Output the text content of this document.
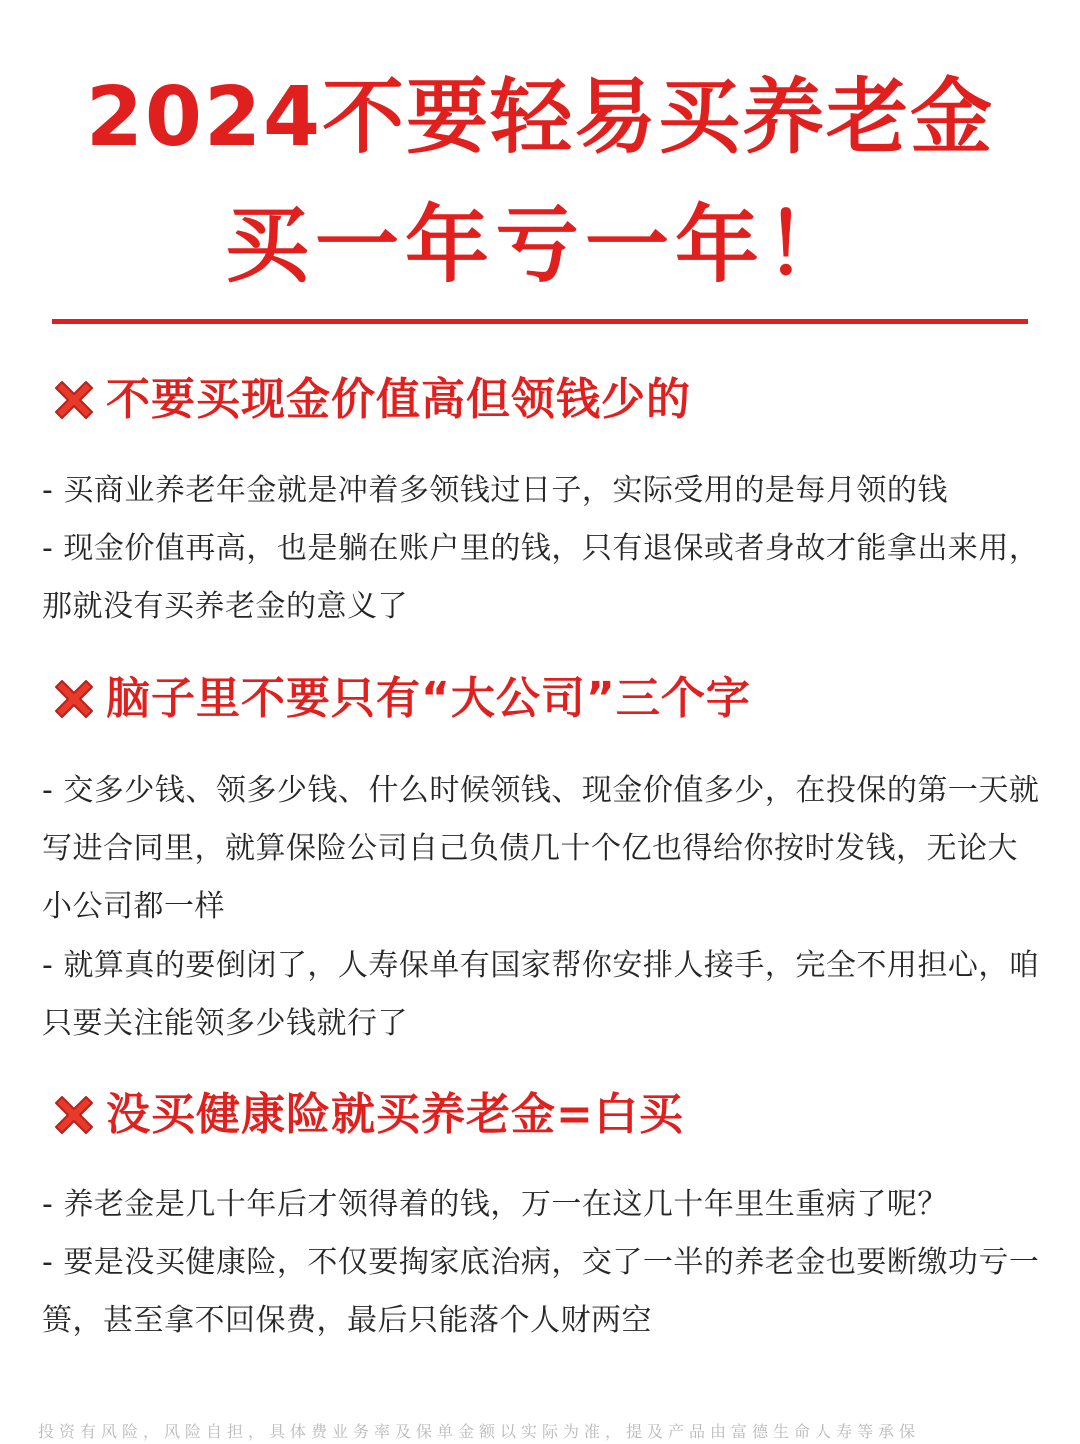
2024不要轻易买养老金
买一年亏一年！
不要买现金价值高但领钱少的

- 买商业养老年金就是冲着多领钱过日子，实际受用的是每月领的钱

- 现金价值再高，也是躺在账户里的钱，只有退保或者身故才能拿出来用，那就没有买养老金的意义了

脑子里不要只有“大公司”三个字

- 交多少钱、领多少钱、什么时候领钱、现金价值多少，在投保的第一天就写进合同里，就算保险公司自己负债几十个亿也得给你按时发钱，无论大小公司都一样

- 就算真的要倒闭了，人寿保单有国家帮你安排人接手，完全不用担心，咱只要关注能领多少钱就行了

没买健康险就买养老金=白买

- 养老金是几十年后才领得着的钱，万一在这几十年里生重病了呢？

- 要是没买健康险，不仅要掏家底治病，交了一半的养老金也要断缴功亏一篑，甚至拿不回保费，最后只能落个人财两空

投资有风险，风险自担，具体费业务率及保单金额以实际为准，提及产品由富德生命人寿等承保
